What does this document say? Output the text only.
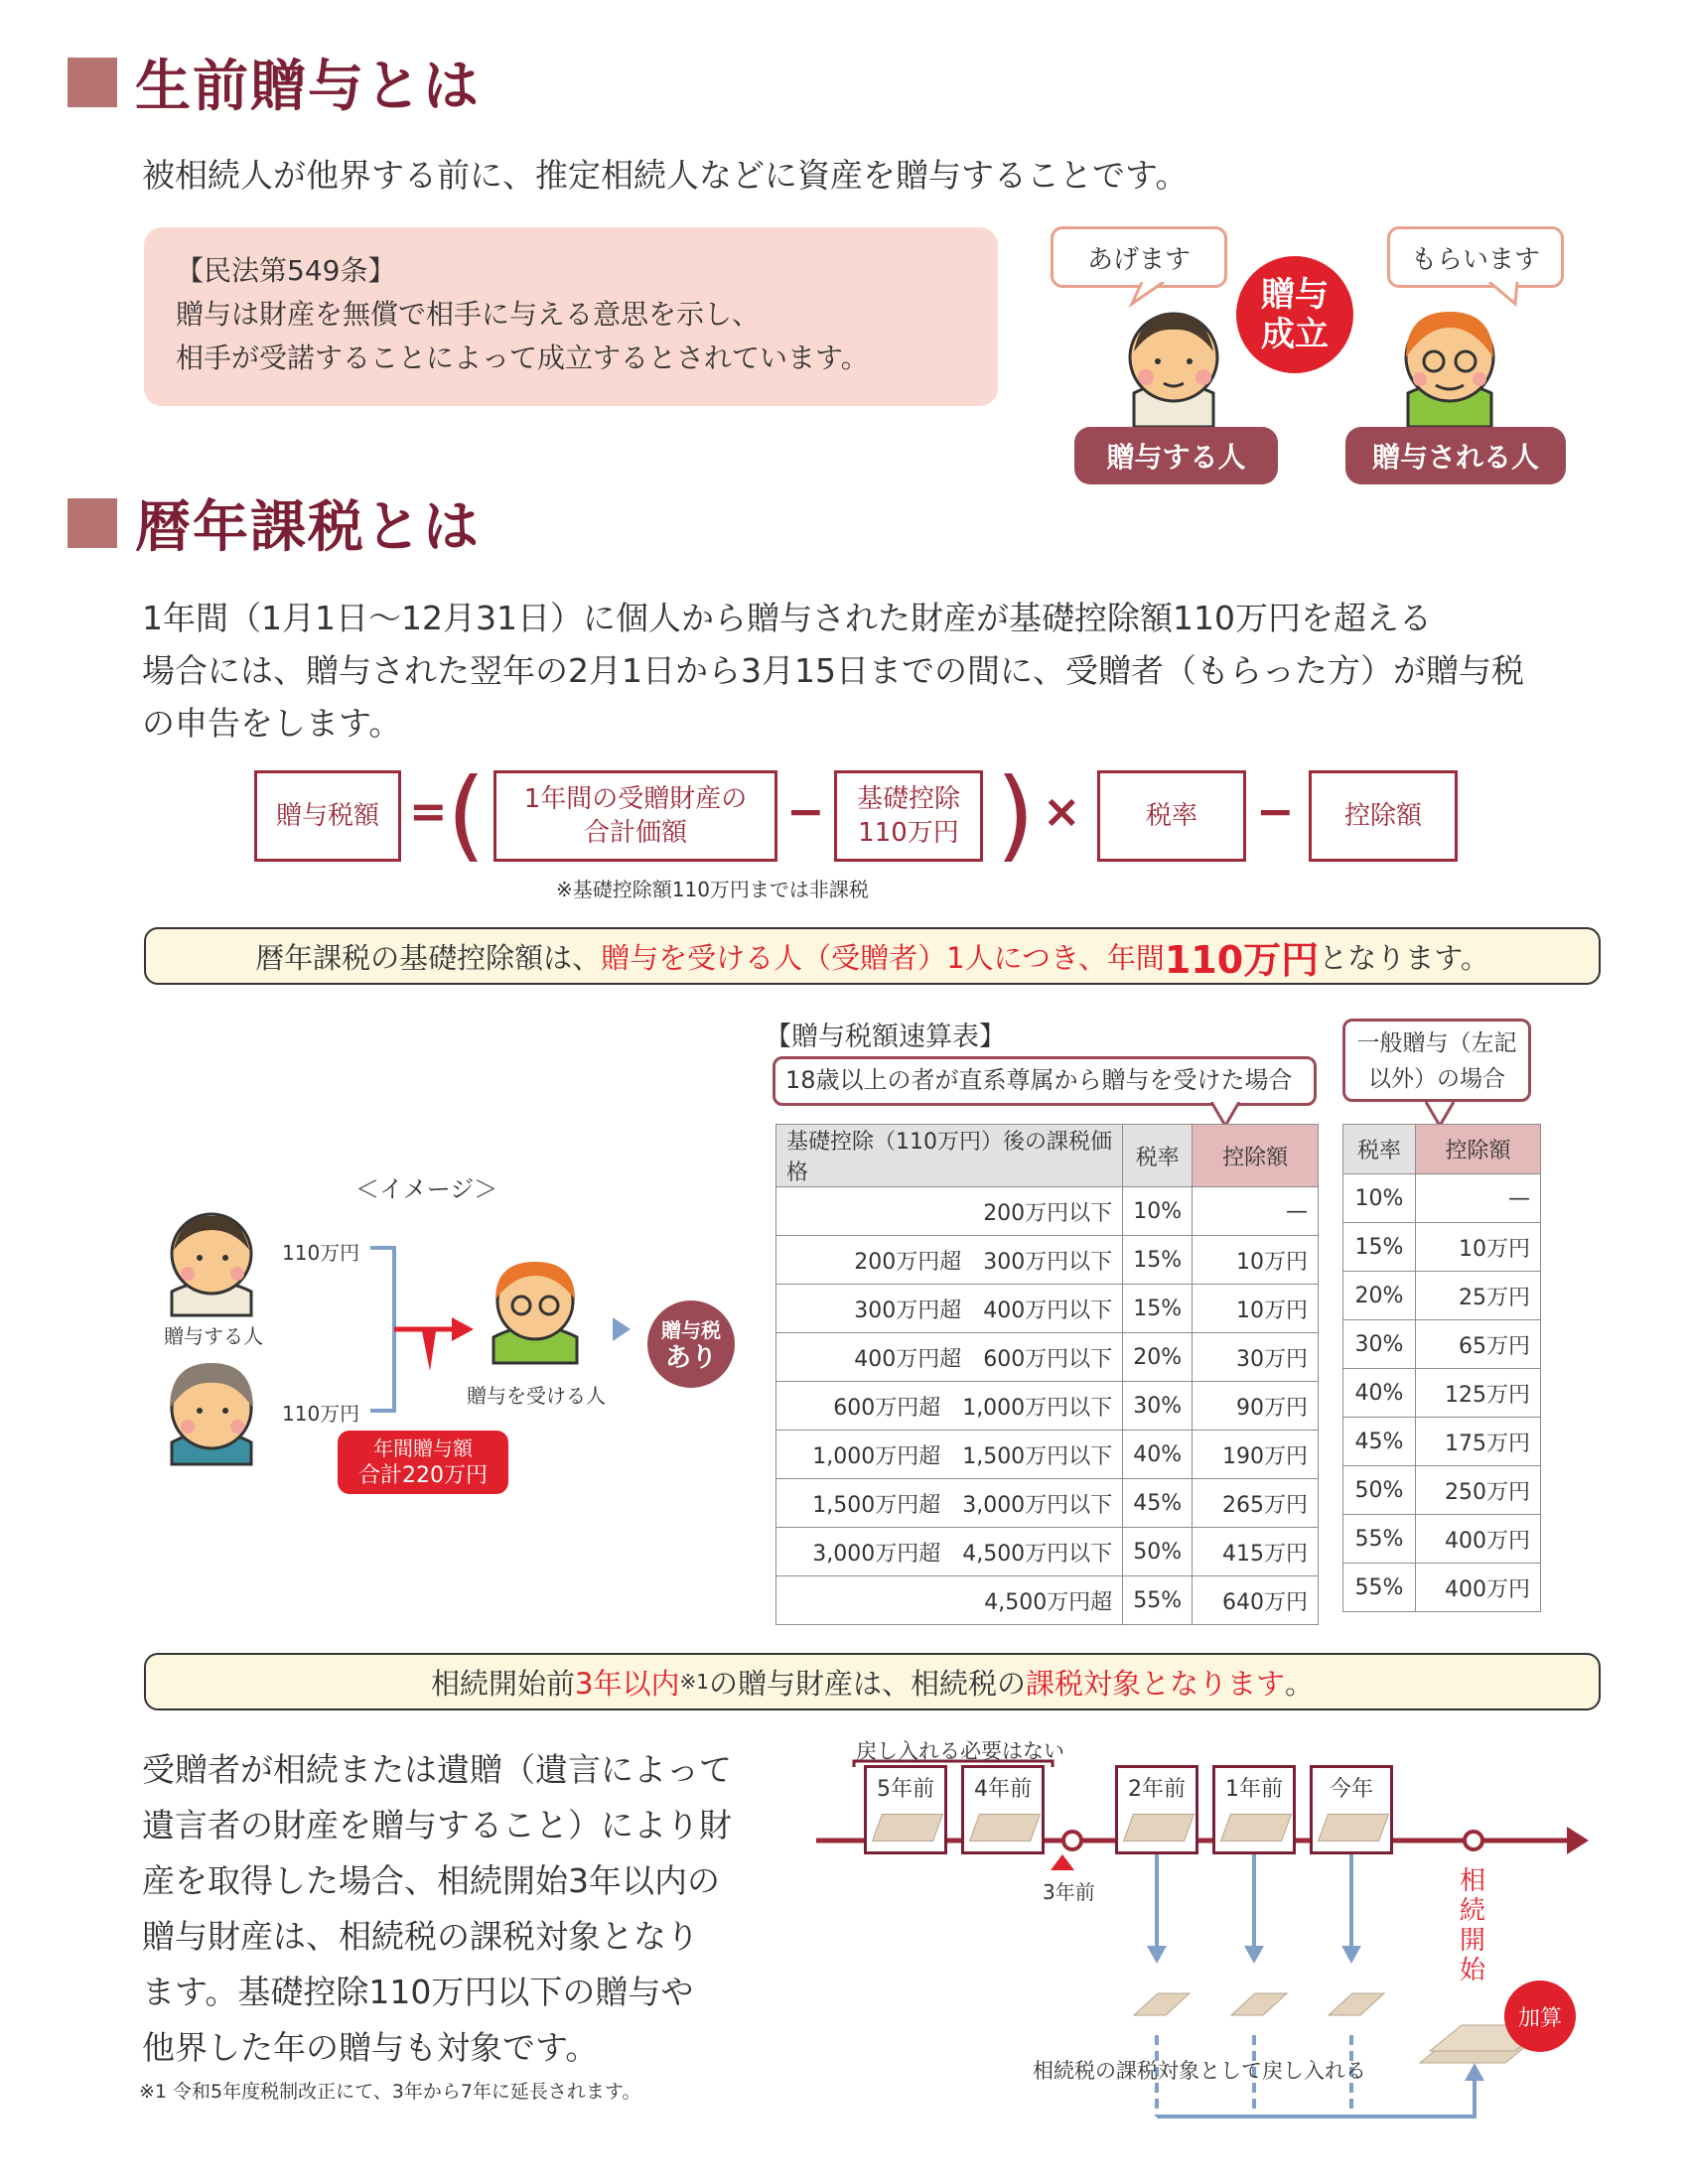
生前贈与とは
被相続人が他界する前に、推定相続人などに資産を贈与することです。
【民法第549条】
贈与は財産を無償で相手に与える意思を示し、
相手が受諾することによって成立するとされています。
あげます	もらいます
贈与
成立
贈与する人	贈与される人
暦年課税とは
1年間（1月1日～12月31日）に個人から贈与された財産が基礎控除額110万円を超える
場合には、贈与された翌年の2月1日から3月15日までの間に、受贈者（もらった方）が贈与税
の申告をします。
贈与税額 = ( 1年間の受贈財産の
合計価額	− 基礎控除
110万円 ) ×	税率	−	控除額
※基礎控除額110万円までは非課税
暦年課税の基礎控除額は、 贈与を受ける人（受贈者）1人につき、年間 110万円 となります。
＜イメージ＞
110万円
110万円
贈与する人
贈与を受ける人
年間贈与額
合計220万円
贈与税
あり
【贈与税額速算表】
18歳以上の者が直系尊属から贈与を受けた場合
一般贈与（左記以外）の場合
基礎控除（110万円）後の課税価格	税率	控除額
200万円以下	10%	—
200万円超　300万円以下	15%	10万円
300万円超　400万円以下	15%	10万円
400万円超　600万円以下	20%	30万円
600万円超　1,000万円以下	30%	90万円
1,000万円超　1,500万円以下	40%	190万円
1,500万円超　3,000万円以下	45%	265万円
3,000万円超　4,500万円以下	50%	415万円
4,500万円超	55%	640万円
税率	控除額
10%	—
15%	10万円
20%	25万円
30%	65万円
40%	125万円
45%	175万円
50%	250万円
55%	400万円
55%	400万円
相続開始前 3年以内 ※1 の贈与財産は、相続税の 課税対象となります 。
受贈者が相続または遺贈（遺言によって
遺言者の財産を贈与すること）により財
産を取得した場合、相続開始3年以内の
贈与財産は、相続税の課税対象となり
ます。基礎控除110万円以下の贈与や
他界した年の贈与も対象です。
※1 令和5年度税制改正にて、3年から7年に延長されます。
戻し入れる必要はない
5年前	4年前	2年前	1年前	今年
3年前	相続開始
加算
相続税の課税対象として戻し入れる
